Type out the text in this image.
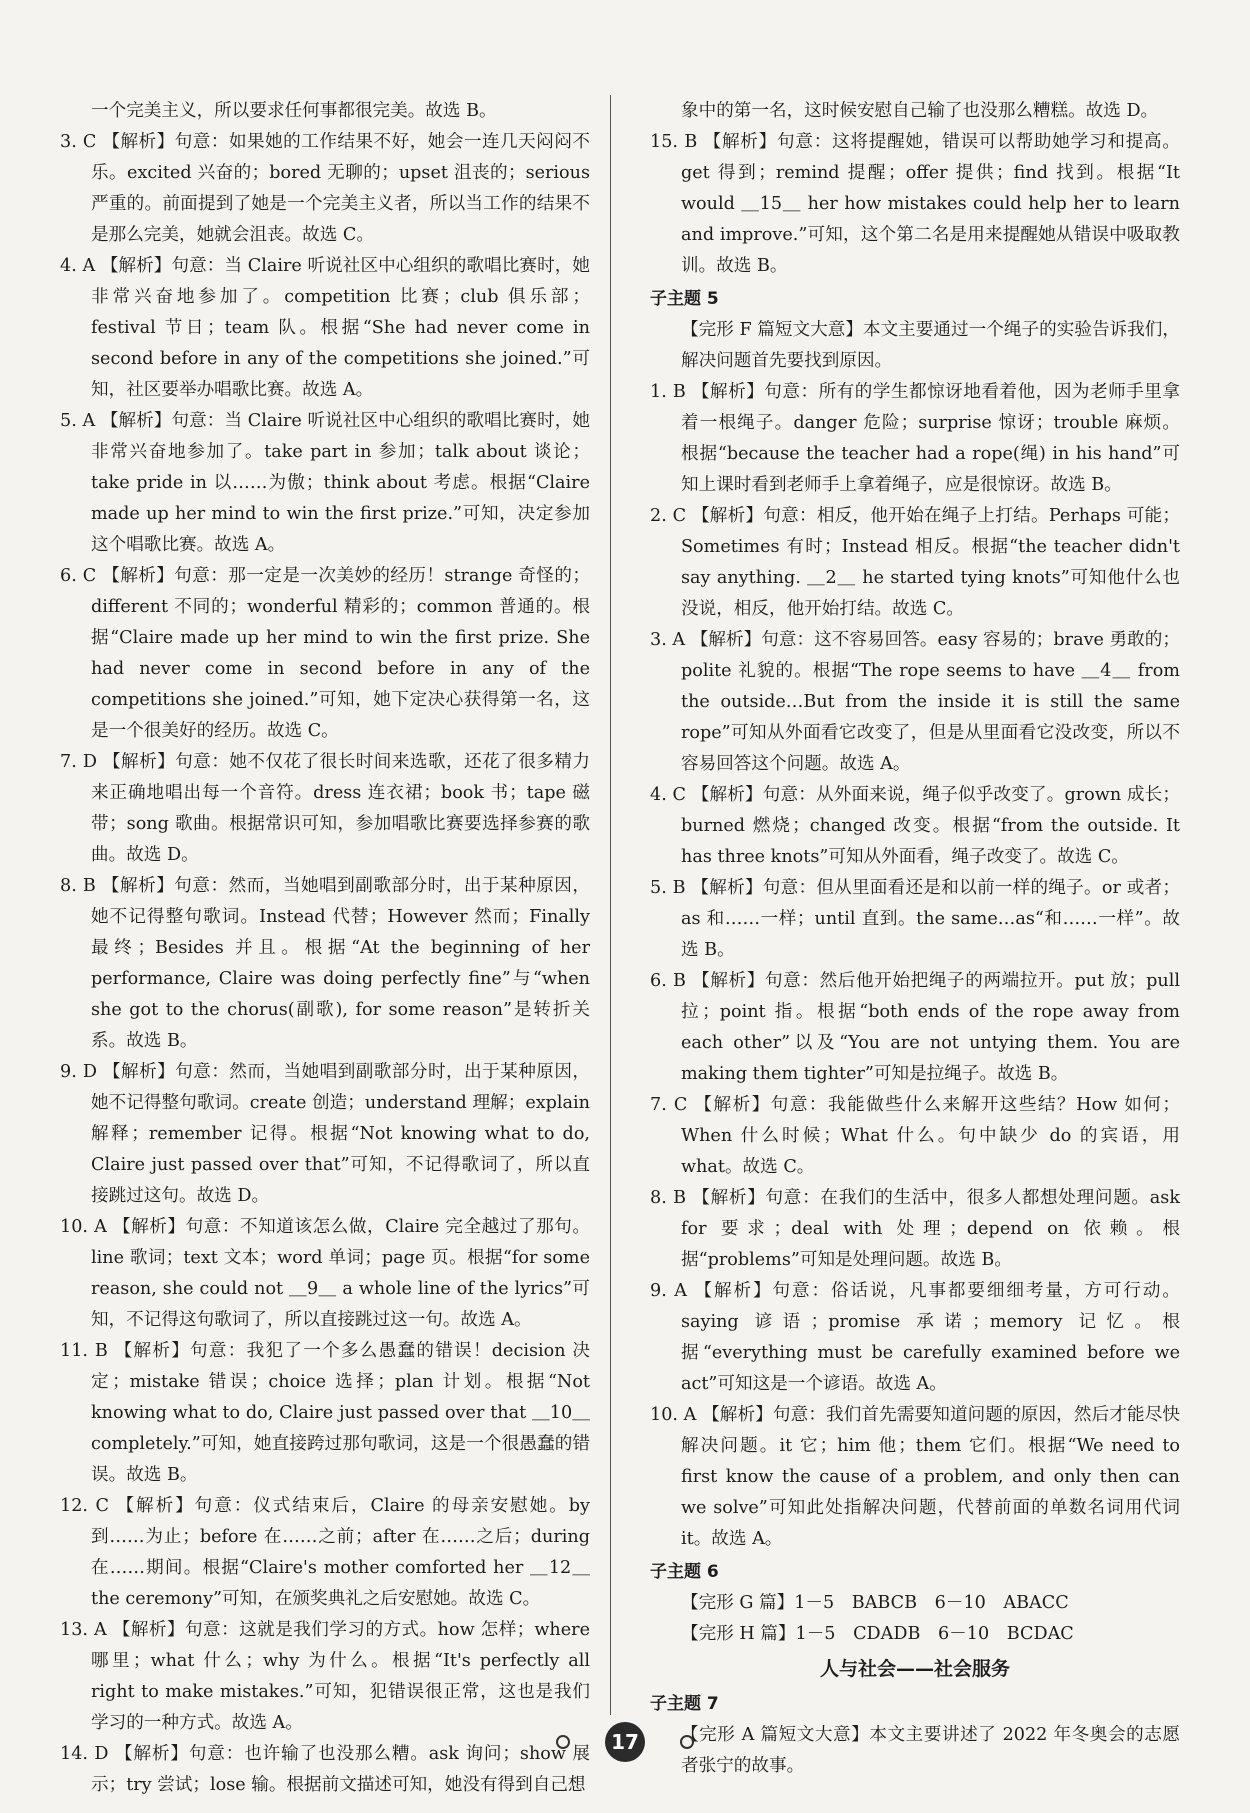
一个完美主义，所以要求任何事都很完美。故选 B。
3. C 【解析】句意：如果她的工作结果不好，她会一连几天闷闷不乐。excited 兴奋的；bored 无聊的；upset 沮丧的；serious 严重的。前面提到了她是一个完美主义者，所以当工作的结果不是那么完美，她就会沮丧。故选 C。
4. A 【解析】句意：当 Claire 听说社区中心组织的歌唱比赛时，她非常兴奋地参加了。competition 比赛；club 俱乐部；festival 节日；team 队。根据“She had never come in second before in any of the competitions she joined.”可知，社区要举办唱歌比赛。故选 A。
5. A 【解析】句意：当 Claire 听说社区中心组织的歌唱比赛时，她非常兴奋地参加了。take part in 参加；talk about 谈论；take pride in 以……为傲；think about 考虑。根据“Claire made up her mind to win the first prize.”可知，决定参加这个唱歌比赛。故选 A。
6. C 【解析】句意：那一定是一次美妙的经历！strange 奇怪的；different 不同的；wonderful 精彩的；common 普通的。根据“Claire made up her mind to win the first prize. She had never come in second before in any of the competitions she joined.”可知，她下定决心获得第一名，这是一个很美好的经历。故选 C。
7. D 【解析】句意：她不仅花了很长时间来选歌，还花了很多精力来正确地唱出每一个音符。dress 连衣裙；book 书；tape 磁带；song 歌曲。根据常识可知，参加唱歌比赛要选择参赛的歌曲。故选 D。
8. B 【解析】句意：然而，当她唱到副歌部分时，出于某种原因，她不记得整句歌词。Instead 代替；However 然而；Finally 最终；Besides 并且。根据“At the beginning of her performance, Claire was doing perfectly fine”与“when she got to the chorus(副歌), for some reason”是转折关系。故选 B。
9. D 【解析】句意：然而，当她唱到副歌部分时，出于某种原因，她不记得整句歌词。create 创造；understand 理解；explain 解释；remember 记得。根据“Not knowing what to do, Claire just passed over that”可知，不记得歌词了，所以直接跳过这句。故选 D。
10. A 【解析】句意：不知道该怎么做，Claire 完全越过了那句。line 歌词；text 文本；word 单词；page 页。根据“for some reason, she could not ＿9＿ a whole line of the lyrics”可知，不记得这句歌词了，所以直接跳过这一句。故选 A。
11. B 【解析】句意：我犯了一个多么愚蠢的错误！decision 决定；mistake 错误；choice 选择；plan 计划。根据“Not knowing what to do, Claire just passed over that ＿10＿ completely.”可知，她直接跨过那句歌词，这是一个很愚蠢的错误。故选 B。
12. C 【解析】句意：仪式结束后，Claire 的母亲安慰她。by 到……为止；before 在……之前；after 在……之后；during 在……期间。根据“Claire's mother comforted her ＿12＿ the ceremony”可知，在颁奖典礼之后安慰她。故选 C。
13. A 【解析】句意：这就是我们学习的方式。how 怎样；where 哪里；what 什么；why 为什么。根据“It's perfectly all right to make mistakes.”可知，犯错误很正常，这也是我们学习的一种方式。故选 A。
14. D 【解析】句意：也许输了也没那么糟。ask 询问；show 展示；try 尝试；lose 输。根据前文描述可知，她没有得到自己想
象中的第一名，这时候安慰自己输了也没那么糟糕。故选 D。
15. B 【解析】句意：这将提醒她，错误可以帮助她学习和提高。get 得到；remind 提醒；offer 提供；find 找到。根据“It would ＿15＿ her how mistakes could help her to learn and improve.”可知，这个第二名是用来提醒她从错误中吸取教训。故选 B。
子主题 5
【完形 F 篇短文大意】本文主要通过一个绳子的实验告诉我们，解决问题首先要找到原因。
1. B 【解析】句意：所有的学生都惊讶地看着他，因为老师手里拿着一根绳子。danger 危险；surprise 惊讶；trouble 麻烦。根据“because the teacher had a rope(绳) in his hand”可知上课时看到老师手上拿着绳子，应是很惊讶。故选 B。
2. C 【解析】句意：相反，他开始在绳子上打结。Perhaps 可能；Sometimes 有时；Instead 相反。根据“the teacher didn't say anything. ＿2＿ he started tying knots”可知他什么也没说，相反，他开始打结。故选 C。
3. A 【解析】句意：这不容易回答。easy 容易的；brave 勇敢的；polite 礼貌的。根据“The rope seems to have ＿4＿ from the outside…But from the inside it is still the same rope”可知从外面看它改变了，但是从里面看它没改变，所以不容易回答这个问题。故选 A。
4. C 【解析】句意：从外面来说，绳子似乎改变了。grown 成长；burned 燃烧；changed 改变。根据“from the outside. It has three knots”可知从外面看，绳子改变了。故选 C。
5. B 【解析】句意：但从里面看还是和以前一样的绳子。or 或者；as 和……一样；until 直到。the same…as“和……一样”。故选 B。
6. B 【解析】句意：然后他开始把绳子的两端拉开。put 放；pull 拉；point 指。根据“both ends of the rope away from each other”以及“You are not untying them. You are making them tighter”可知是拉绳子。故选 B。
7. C 【解析】句意：我能做些什么来解开这些结？How 如何；When 什么时候；What 什么。句中缺少 do 的宾语，用 what。故选 C。
8. B 【解析】句意：在我们的生活中，很多人都想处理问题。ask for 要求；deal with 处理；depend on 依赖。根据“problems”可知是处理问题。故选 B。
9. A 【解析】句意：俗话说，凡事都要细细考量，方可行动。saying 谚语；promise 承诺；memory 记忆。根据“everything must be carefully examined before we act”可知这是一个谚语。故选 A。
10. A 【解析】句意：我们首先需要知道问题的原因，然后才能尽快解决问题。it 它；him 他；them 它们。根据“We need to first know the cause of a problem, and only then can we solve”可知此处指解决问题，代替前面的单数名词用代词 it。故选 A。
子主题 6
【完形 G 篇】1－5　BABCB　6－10　ABACC
【完形 H 篇】1－5　CDADB　6－10　BCDAC
人与社会——社会服务
子主题 7
【完形 A 篇短文大意】本文主要讲述了 2022 年冬奥会的志愿者张宁的故事。
17
